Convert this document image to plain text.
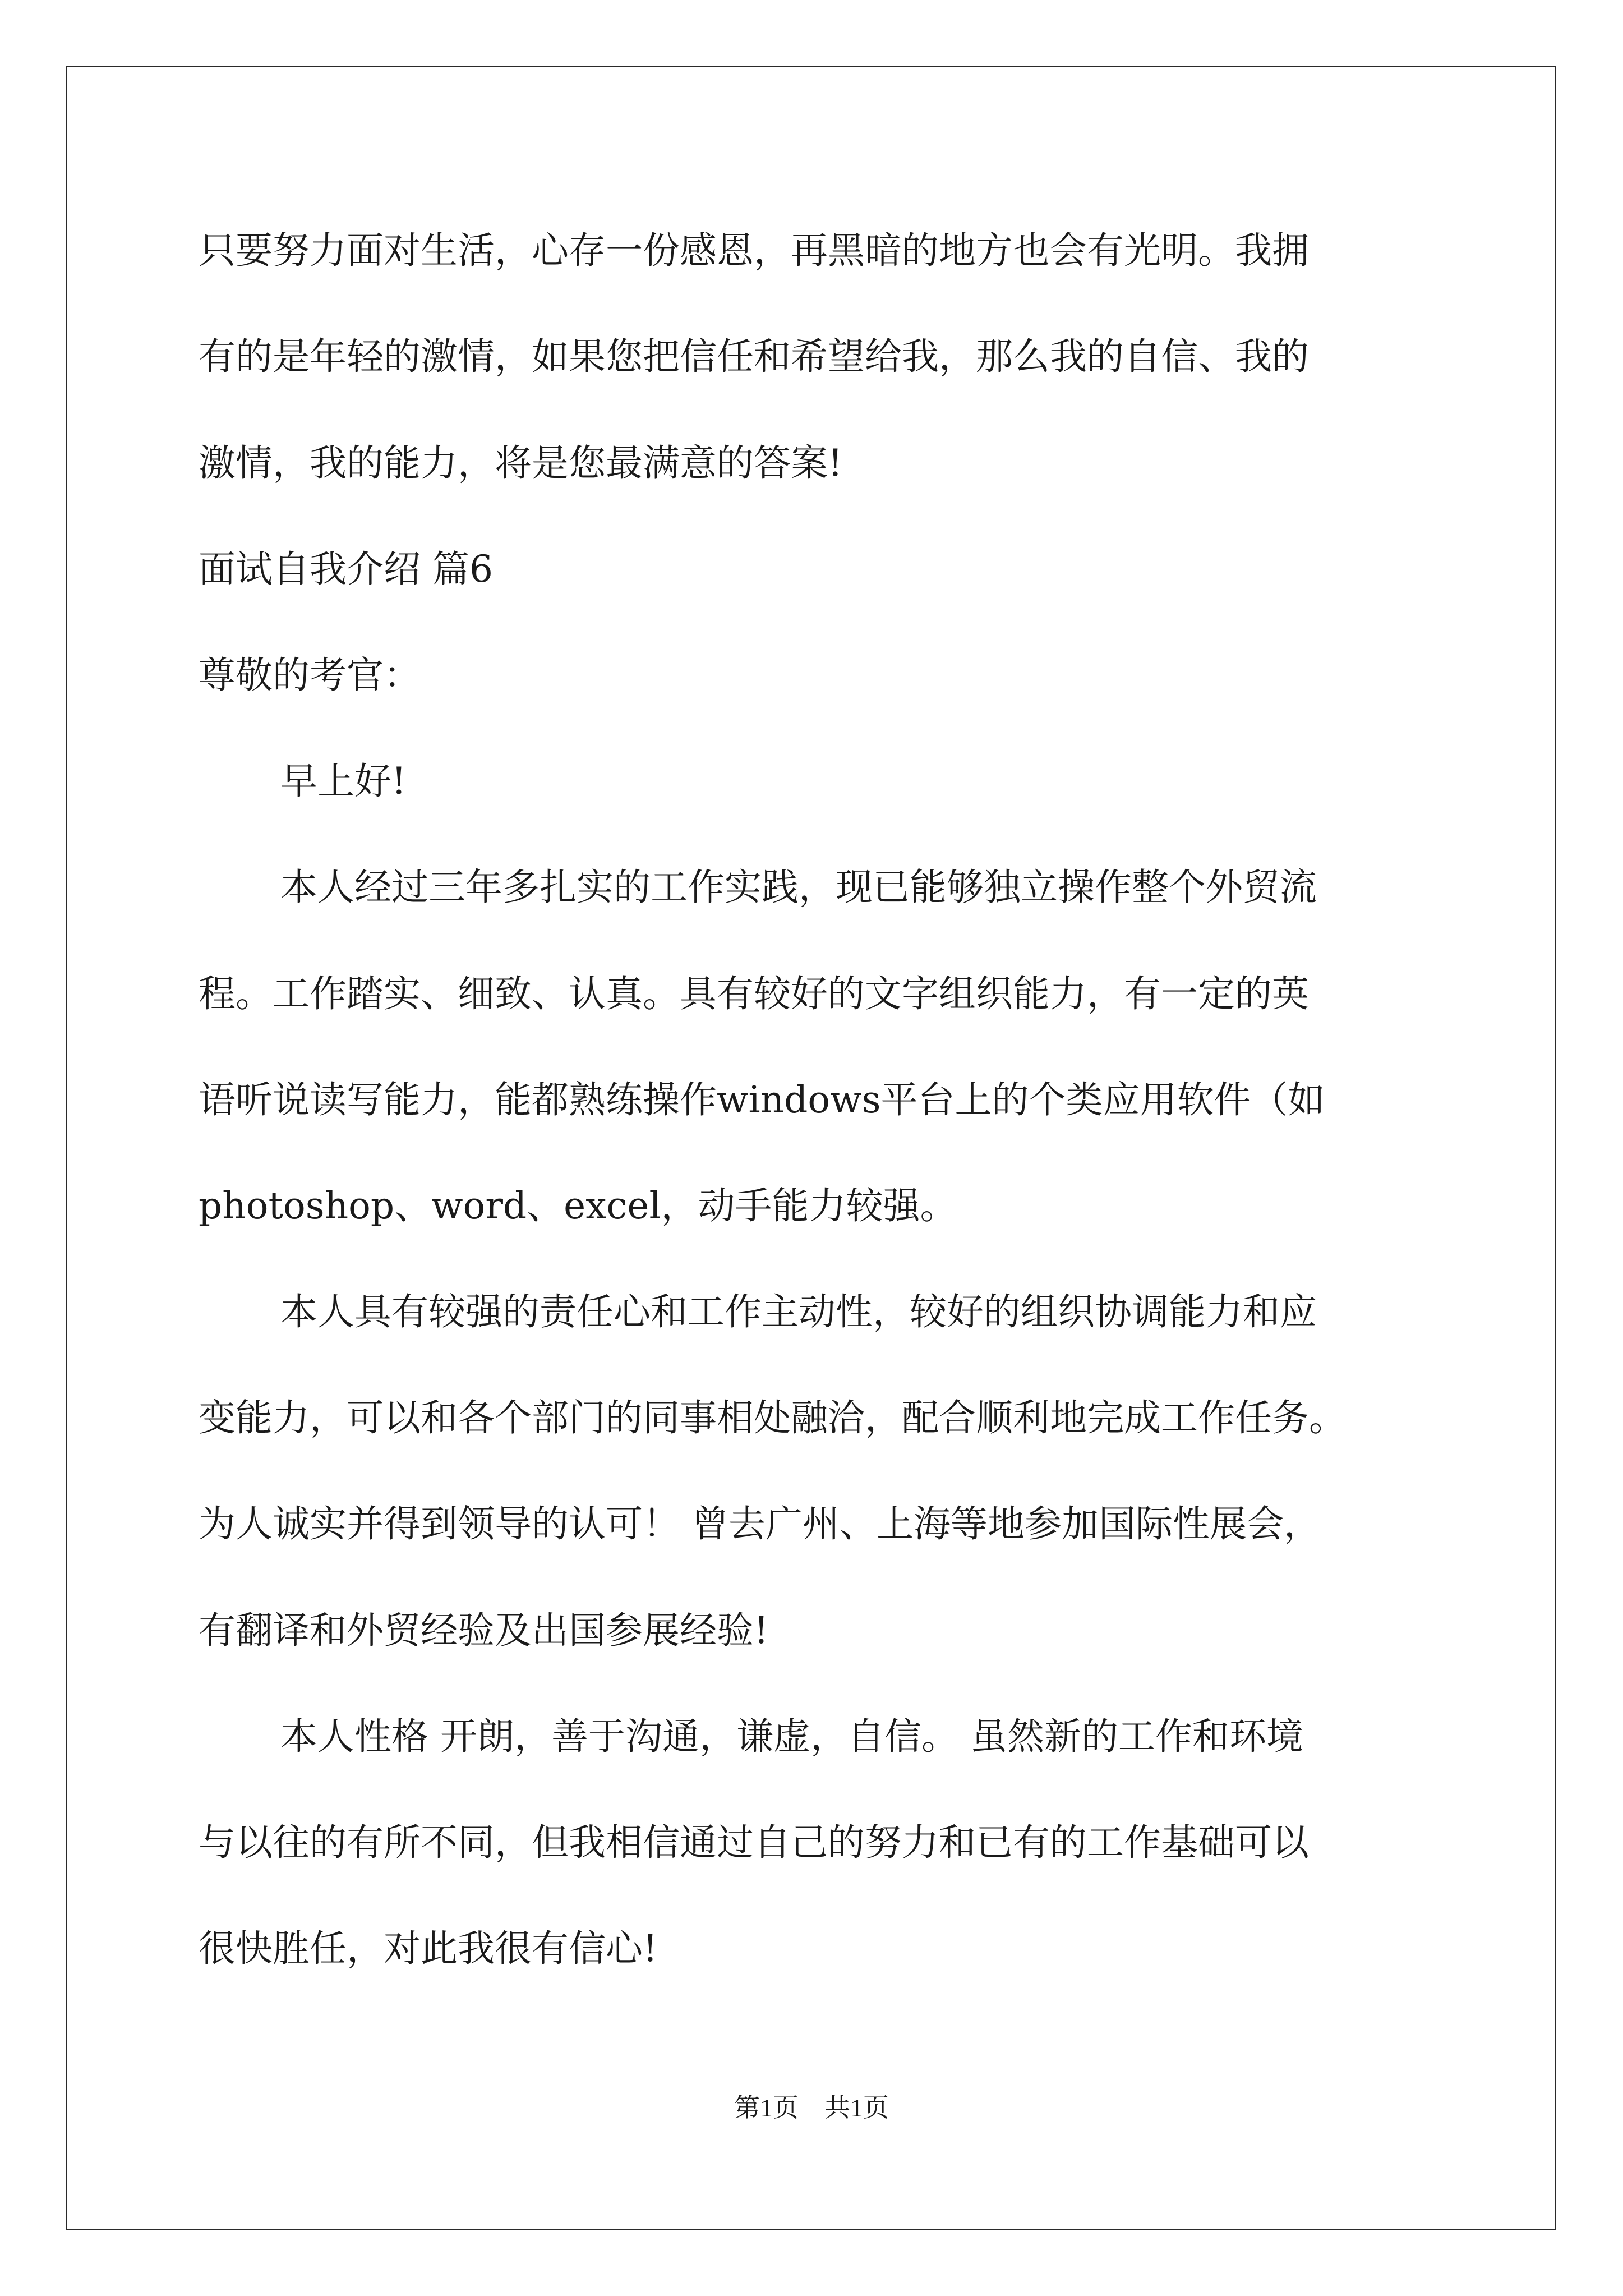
只要努力面对生活，心存一份感恩，再黑暗的地方也会有光明。我拥

有的是年轻的激情，如果您把信任和希望给我，那么我的自信、我的

激情，我的能力，将是您最满意的答案!

面试自我介绍 篇6

尊敬的考官：

早上好!

本人经过三年多扎实的工作实践，现已能够独立操作整个外贸流

程。工作踏实、细致、认真。具有较好的文字组织能力，有一定的英

语听说读写能力，能都熟练操作windows平台上的个类应用软件（如

photoshop、word、excel，动手能力较强。

本人具有较强的责任心和工作主动性，较好的组织协调能力和应

变能力，可以和各个部门的同事相处融洽，配合顺利地完成工作任务。

为人诚实并得到领导的认可！ 曾去广州、上海等地参加国际性展会，

有翻译和外贸经验及出国参展经验!

本人性格 开朗，善于沟通，谦虚，自信。 虽然新的工作和环境

与以往的有所不同，但我相信通过自己的努力和已有的工作基础可以

很快胜任，对此我很有信心!

第1页　共1页
